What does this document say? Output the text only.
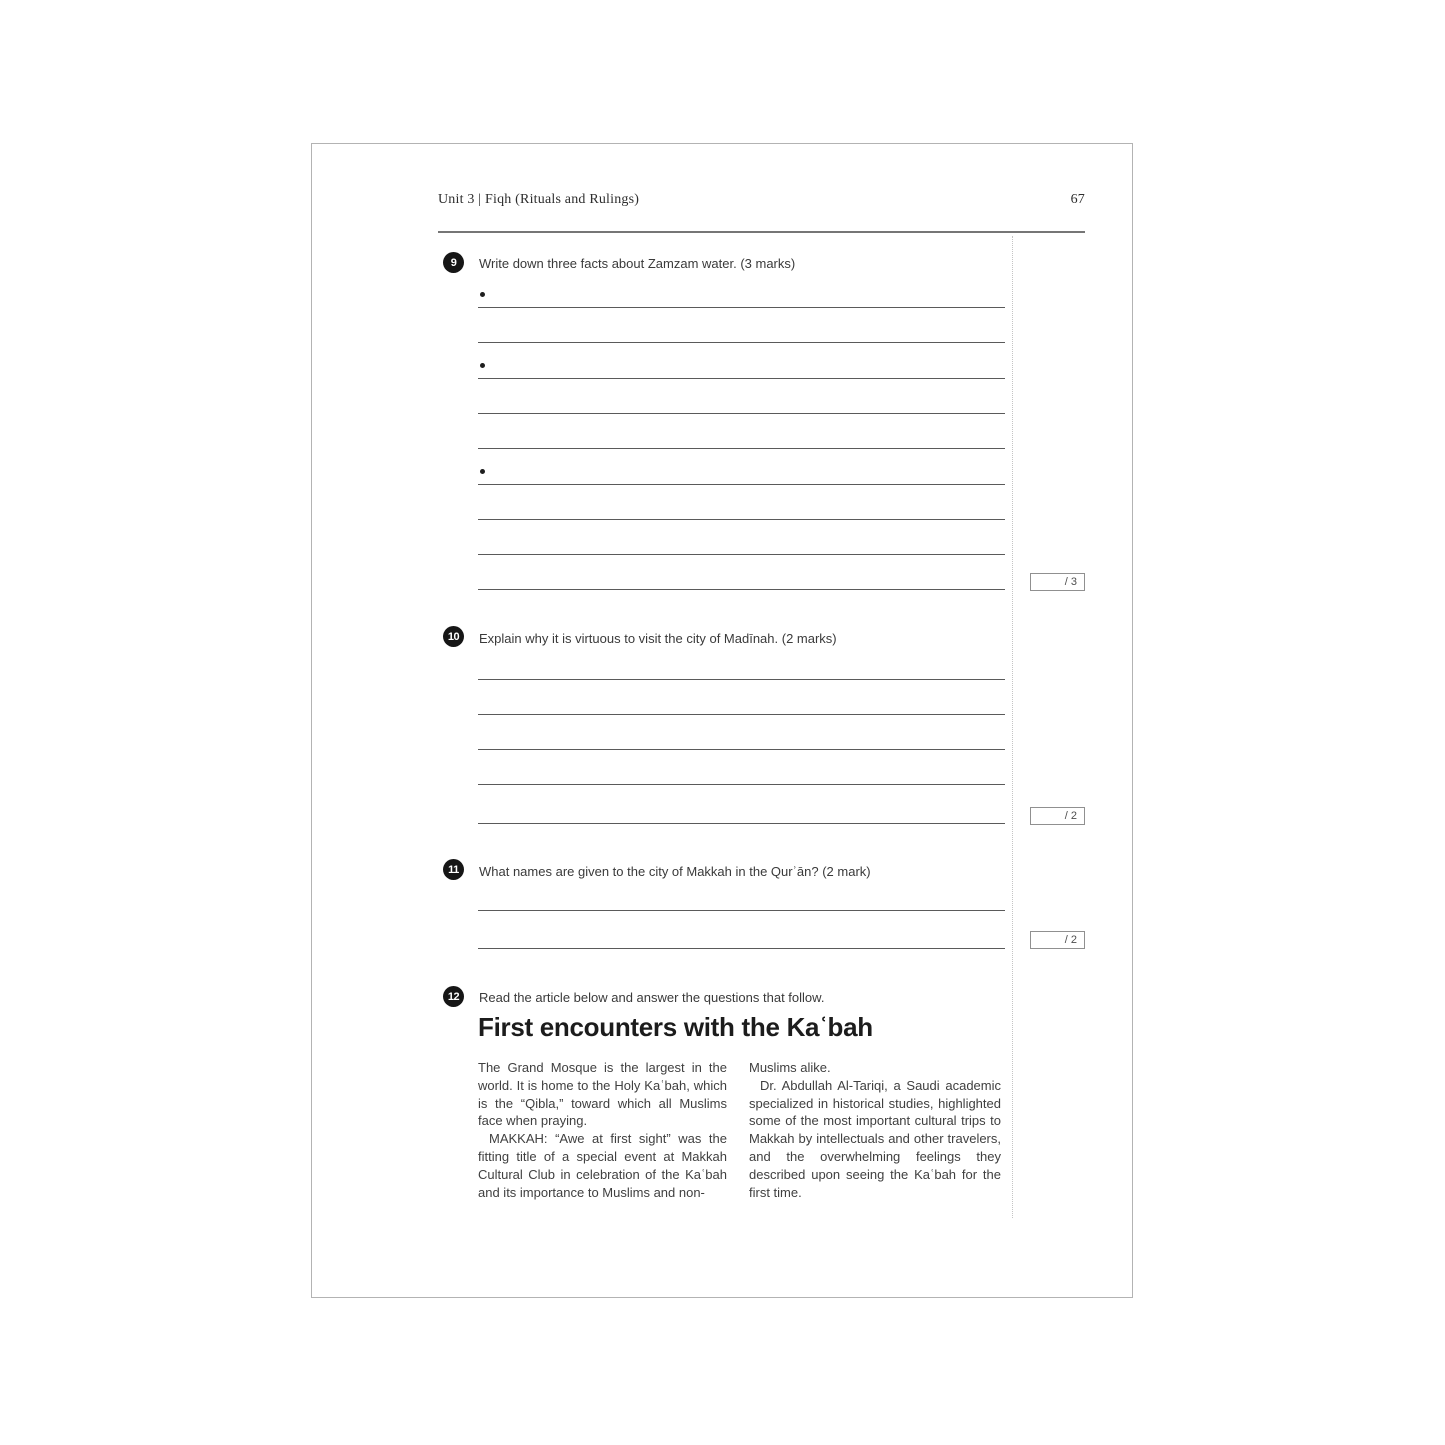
Unit 3 | Fiqh (Rituals and Rulings)	67
9 Write down three facts about Zamzam water. (3 marks)
/ 3
10 Explain why it is virtuous to visit the city of Madīnah. (2 marks)
/ 2
11 What names are given to the city of Makkah in the Qurʾān? (2 mark)
/ 2
12 Read the article below and answer the questions that follow.
First encounters with the Kaʿbah

The Grand Mosque is the largest in the world. It is home to the Holy Kaʿbah, which is the “Qibla,” toward which all Muslims face when praying.

MAKKAH: “Awe at first sight” was the fitting title of a special event at Makkah Cultural Club in celebration of the Kaʿbah and its importance to Muslims and non-

Muslims alike.

Dr. Abdullah Al-Tariqi, a Saudi academic specialized in historical studies, highlighted some of the most important cultural trips to Makkah by intellectuals and other travelers, and the overwhelming feelings they described upon seeing the Kaʿbah for the first time.
